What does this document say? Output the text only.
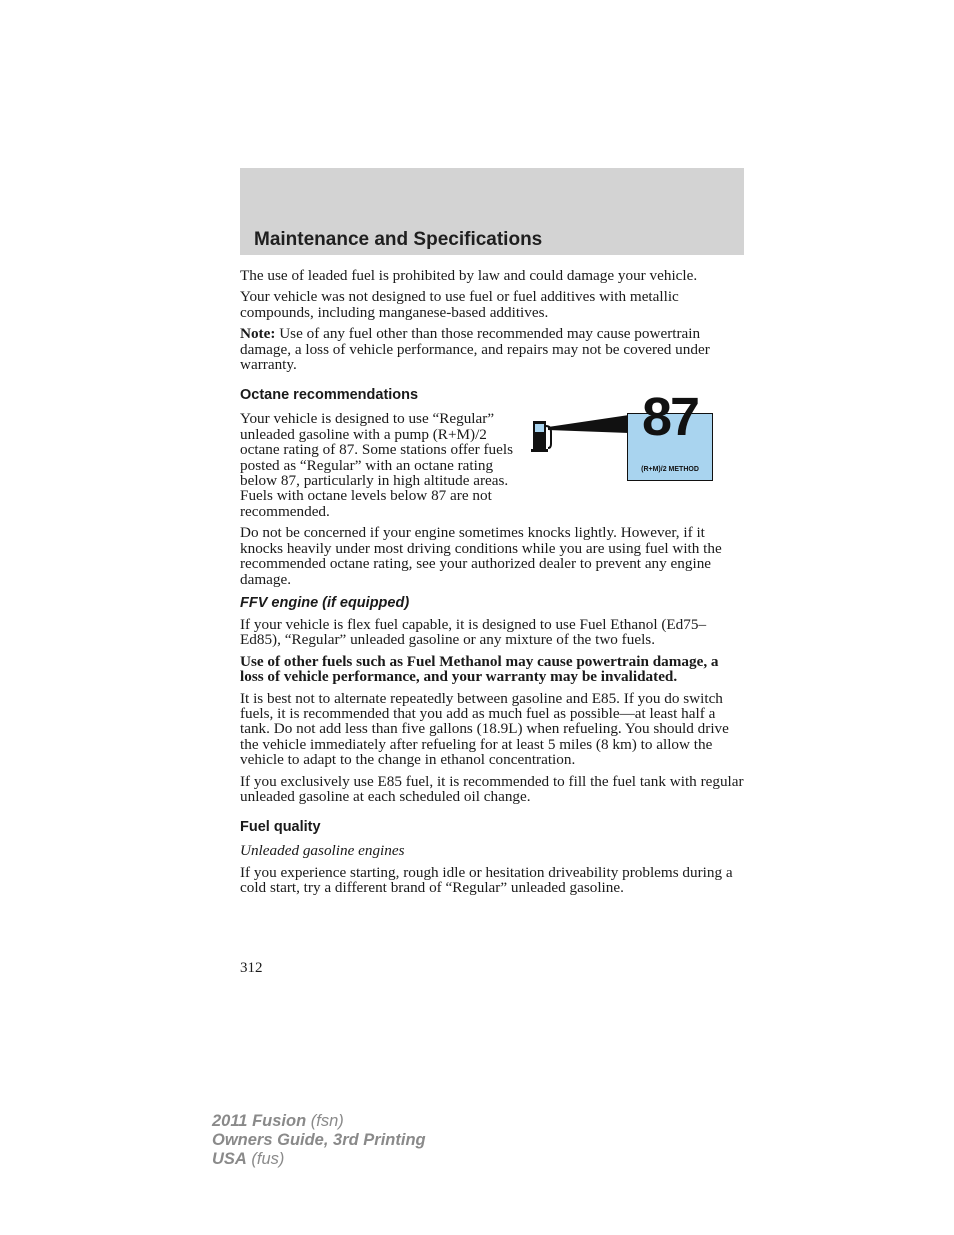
Maintenance and Specifications

The use of leaded fuel is prohibited by law and could damage your vehicle.

Your vehicle was not designed to use fuel or fuel additives with metallic compounds, including manganese-based additives.

Note: Use of any fuel other than those recommended may cause powertrain damage, a loss of vehicle performance, and repairs may not be covered under warranty.

Octane recommendations	87
(R+M)/2 METHOD

Your vehicle is designed to use “Regular” unleaded gasoline with a pump (R+M)/2 octane rating of 87. Some stations offer fuels posted as “Regular” with an octane rating below 87, particularly in high altitude areas. Fuels with octane levels below 87 are not recommended.

Do not be concerned if your engine sometimes knocks lightly. However, if it knocks heavily under most driving conditions while you are using fuel with the recommended octane rating, see your authorized dealer to prevent any engine damage.

FFV engine (if equipped)

If your vehicle is flex fuel capable, it is designed to use Fuel Ethanol (Ed75–Ed85), “Regular” unleaded gasoline or any mixture of the two fuels.

Use of other fuels such as Fuel Methanol may cause powertrain damage, a loss of vehicle performance, and your warranty may be invalidated.

It is best not to alternate repeatedly between gasoline and E85. If you do switch fuels, it is recommended that you add as much fuel as possible—at least half a tank. Do not add less than five gallons (18.9L) when refueling. You should drive the vehicle immediately after refueling for at least 5 miles (8 km) to allow the vehicle to adapt to the change in ethanol concentration.

If you exclusively use E85 fuel, it is recommended to fill the fuel tank with regular unleaded gasoline at each scheduled oil change.

Fuel quality

Unleaded gasoline engines

If you experience starting, rough idle or hesitation driveability problems during a cold start, try a different brand of “Regular” unleaded gasoline.

312
2011 Fusion (fsn)
Owners Guide, 3rd Printing
USA (fus)
